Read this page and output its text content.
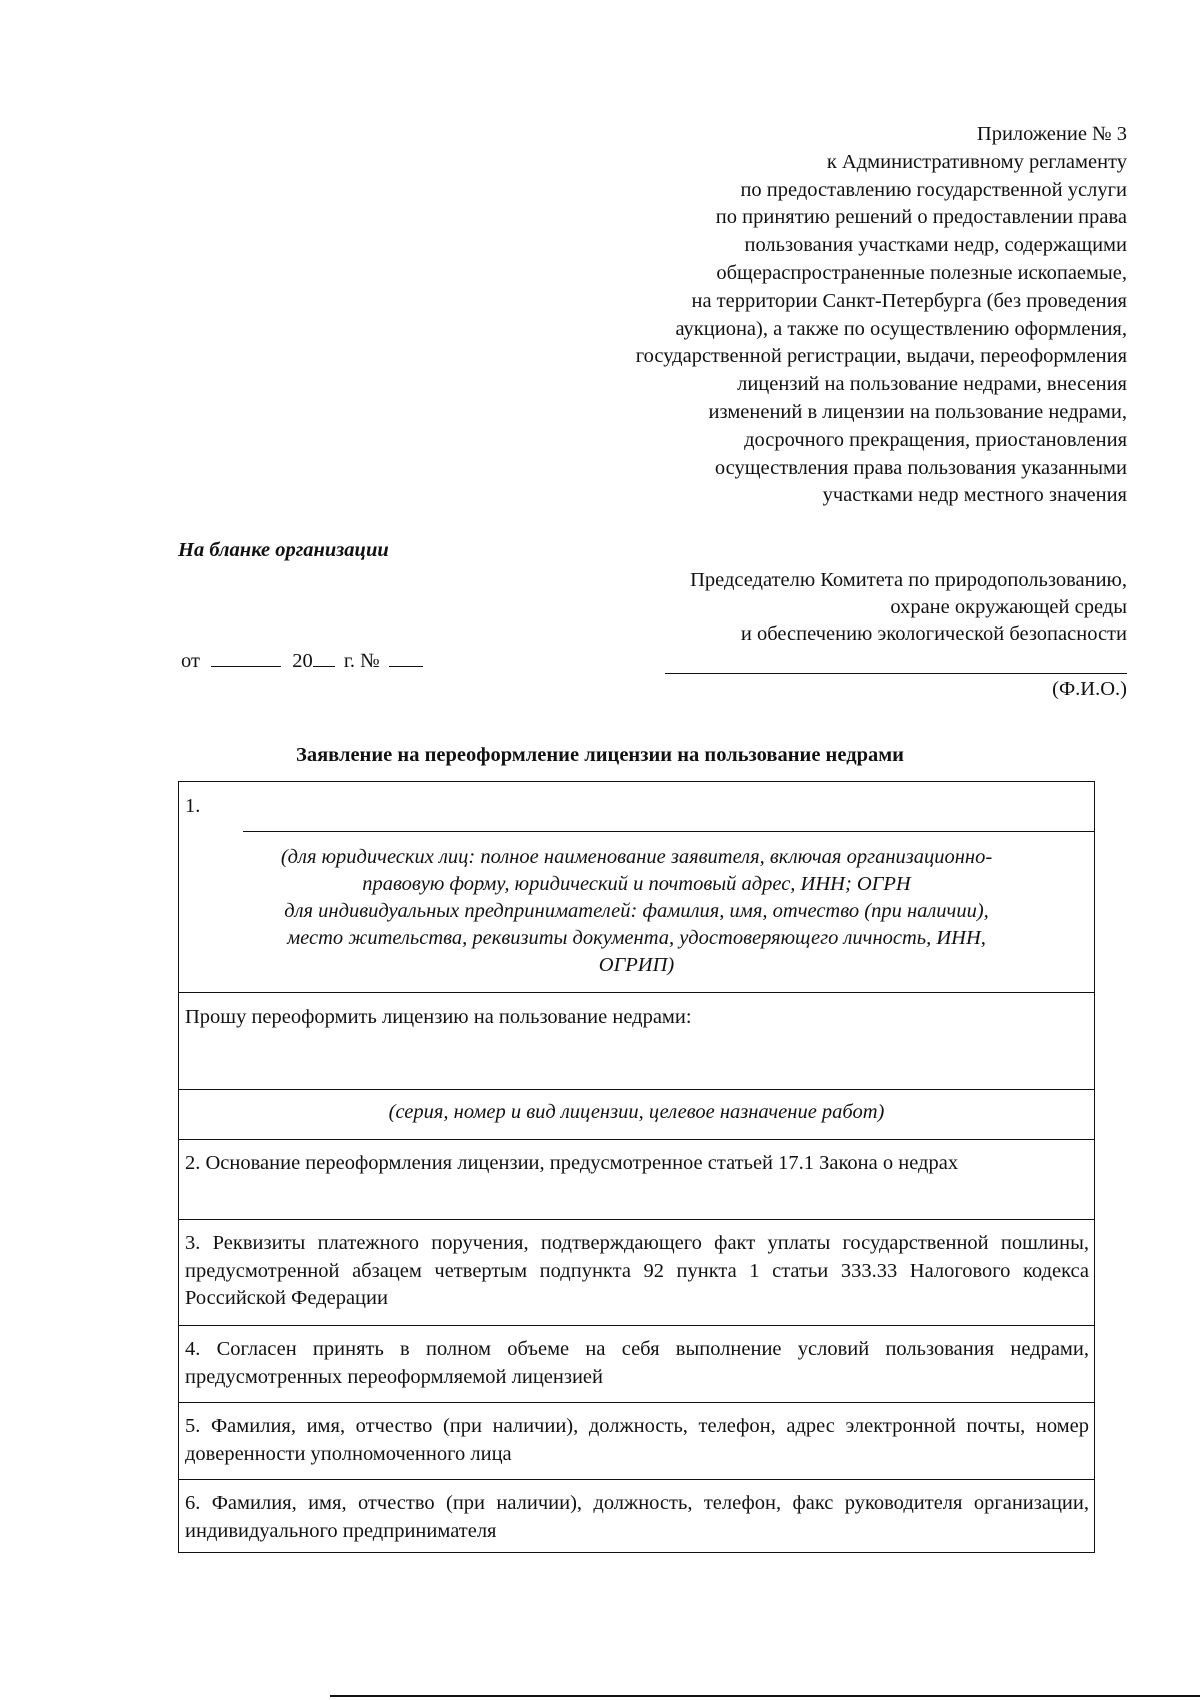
Приложение № 3
к Административному регламенту
по предоставлению государственной услуги
по принятию решений о предоставлении права
пользования участками недр, содержащими
общераспространенные полезные ископаемые,
на территории Санкт-Петербурга (без проведения
аукциона), а также по осуществлению оформления,
государственной регистрации, выдачи, переоформления
лицензий на пользование недрами, внесения
изменений в лицензии на пользование недрами,
досрочного прекращения, приостановления
осуществления права пользования указанными
участками недр местного значения
На бланке организации
Председателю Комитета по природопользованию,
охране окружающей среды
и обеспечению экологической безопасности
от	20 г. №
(Ф.И.О.)
Заявление на переоформление лицензии на пользование недрами
1.
(для юридических лиц: полное наименование заявителя, включая организационно-
правовую форму, юридический и почтовый адрес, ИНН; ОГРН
для индивидуальных предпринимателей: фамилия, имя, отчество (при наличии),
место жительства, реквизиты документа, удостоверяющего личность, ИНН,
ОГРИП)
Прошу переоформить лицензию на пользование недрами:
(серия, номер и вид лицензии, целевое назначение работ)
2. Основание переоформления лицензии, предусмотренное статьей 17.1 Закона о недрах
3. Реквизиты платежного поручения, подтверждающего факт уплаты государственной пошлины, предусмотренной абзацем четвертым подпункта 92 пункта 1 статьи 333.33 Налогового кодекса Российской Федерации
4. Согласен принять в полном объеме на себя выполнение условий пользования недрами, предусмотренных переоформляемой лицензией
5. Фамилия, имя, отчество (при наличии), должность, телефон, адрес электронной почты, номер доверенности уполномоченного лица
6. Фамилия, имя, отчество (при наличии), должность, телефон, факс руководителя организации, индивидуального предпринимателя
